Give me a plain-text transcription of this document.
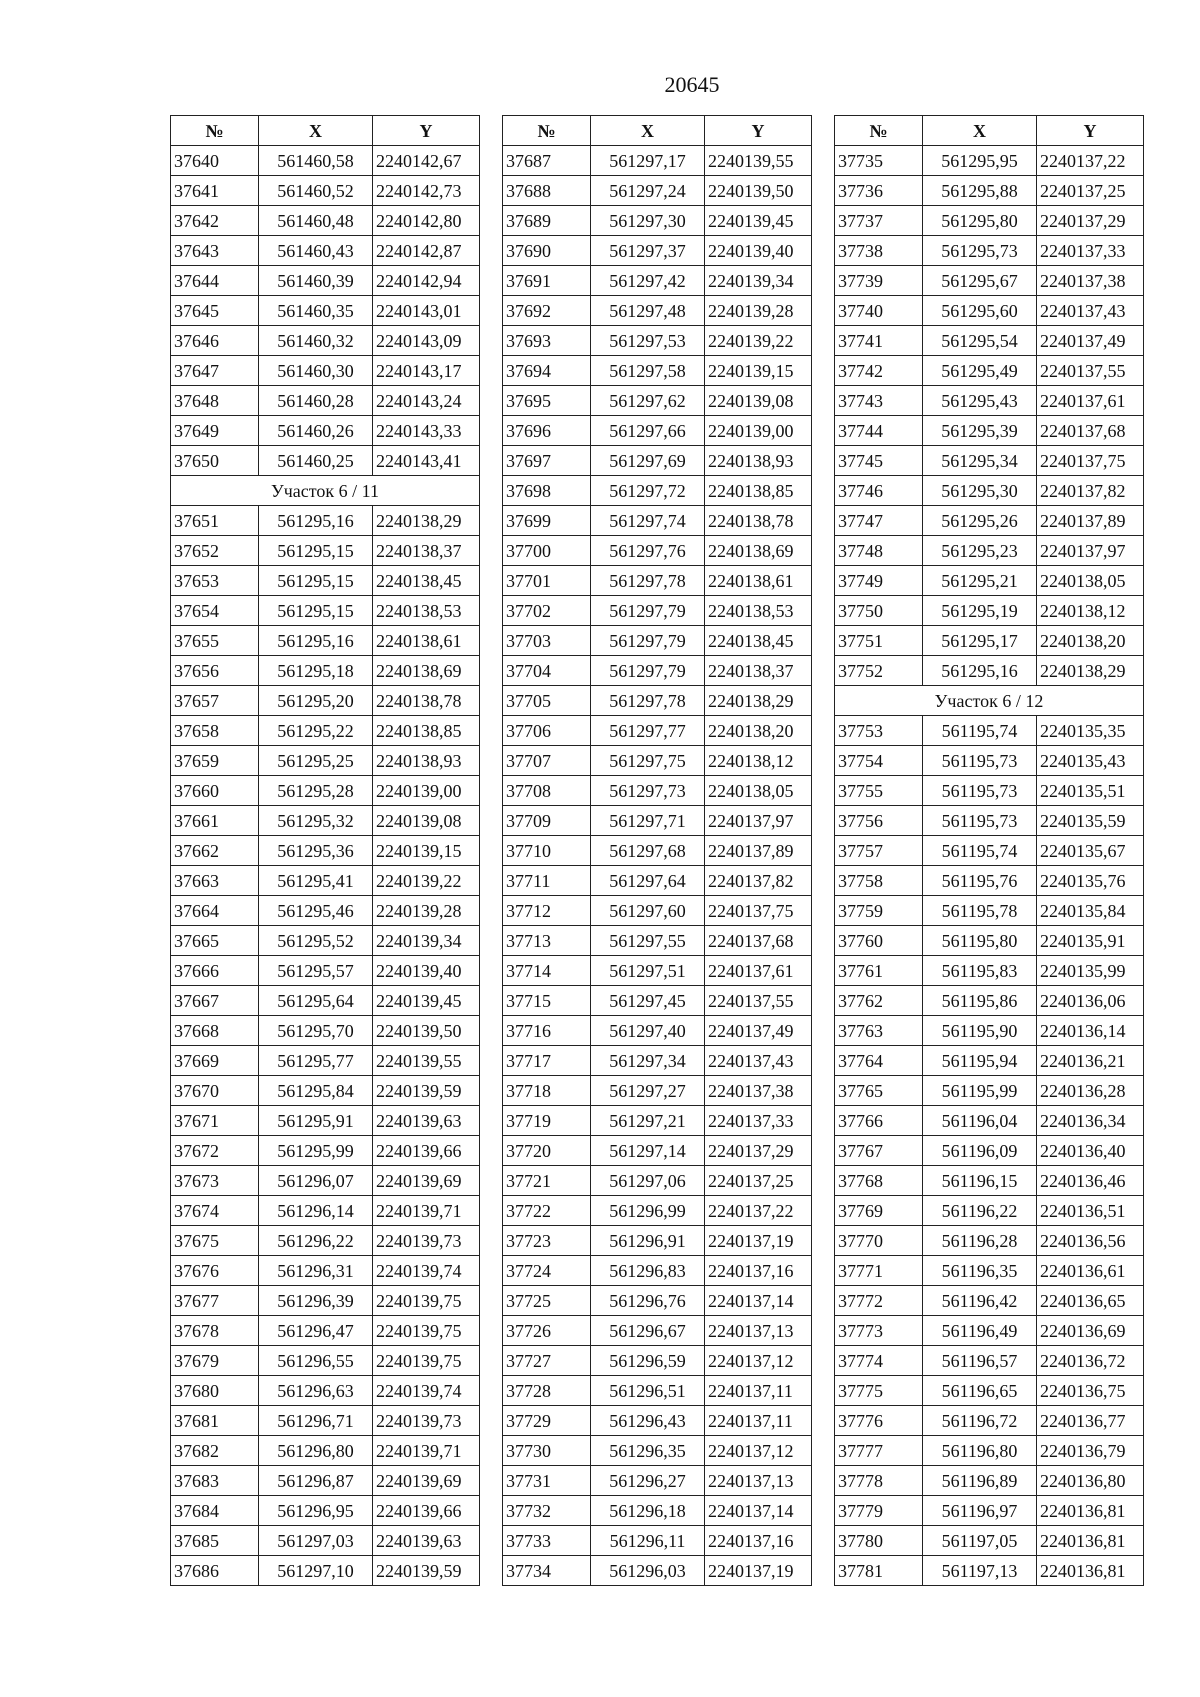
20645
№	X	Y
37640	561460,58	2240142,67
37641	561460,52	2240142,73
37642	561460,48	2240142,80
37643	561460,43	2240142,87
37644	561460,39	2240142,94
37645	561460,35	2240143,01
37646	561460,32	2240143,09
37647	561460,30	2240143,17
37648	561460,28	2240143,24
37649	561460,26	2240143,33
37650	561460,25	2240143,41
Участок 6 / 11		
37651	561295,16	2240138,29
37652	561295,15	2240138,37
37653	561295,15	2240138,45
37654	561295,15	2240138,53
37655	561295,16	2240138,61
37656	561295,18	2240138,69
37657	561295,20	2240138,78
37658	561295,22	2240138,85
37659	561295,25	2240138,93
37660	561295,28	2240139,00
37661	561295,32	2240139,08
37662	561295,36	2240139,15
37663	561295,41	2240139,22
37664	561295,46	2240139,28
37665	561295,52	2240139,34
37666	561295,57	2240139,40
37667	561295,64	2240139,45
37668	561295,70	2240139,50
37669	561295,77	2240139,55
37670	561295,84	2240139,59
37671	561295,91	2240139,63
37672	561295,99	2240139,66
37673	561296,07	2240139,69
37674	561296,14	2240139,71
37675	561296,22	2240139,73
37676	561296,31	2240139,74
37677	561296,39	2240139,75
37678	561296,47	2240139,75
37679	561296,55	2240139,75
37680	561296,63	2240139,74
37681	561296,71	2240139,73
37682	561296,80	2240139,71
37683	561296,87	2240139,69
37684	561296,95	2240139,66
37685	561297,03	2240139,63
37686	561297,10	2240139,59
№	X	Y
37687	561297,17	2240139,55
37688	561297,24	2240139,50
37689	561297,30	2240139,45
37690	561297,37	2240139,40
37691	561297,42	2240139,34
37692	561297,48	2240139,28
37693	561297,53	2240139,22
37694	561297,58	2240139,15
37695	561297,62	2240139,08
37696	561297,66	2240139,00
37697	561297,69	2240138,93
37698	561297,72	2240138,85
37699	561297,74	2240138,78
37700	561297,76	2240138,69
37701	561297,78	2240138,61
37702	561297,79	2240138,53
37703	561297,79	2240138,45
37704	561297,79	2240138,37
37705	561297,78	2240138,29
37706	561297,77	2240138,20
37707	561297,75	2240138,12
37708	561297,73	2240138,05
37709	561297,71	2240137,97
37710	561297,68	2240137,89
37711	561297,64	2240137,82
37712	561297,60	2240137,75
37713	561297,55	2240137,68
37714	561297,51	2240137,61
37715	561297,45	2240137,55
37716	561297,40	2240137,49
37717	561297,34	2240137,43
37718	561297,27	2240137,38
37719	561297,21	2240137,33
37720	561297,14	2240137,29
37721	561297,06	2240137,25
37722	561296,99	2240137,22
37723	561296,91	2240137,19
37724	561296,83	2240137,16
37725	561296,76	2240137,14
37726	561296,67	2240137,13
37727	561296,59	2240137,12
37728	561296,51	2240137,11
37729	561296,43	2240137,11
37730	561296,35	2240137,12
37731	561296,27	2240137,13
37732	561296,18	2240137,14
37733	561296,11	2240137,16
37734	561296,03	2240137,19
№	X	Y
37735	561295,95	2240137,22
37736	561295,88	2240137,25
37737	561295,80	2240137,29
37738	561295,73	2240137,33
37739	561295,67	2240137,38
37740	561295,60	2240137,43
37741	561295,54	2240137,49
37742	561295,49	2240137,55
37743	561295,43	2240137,61
37744	561295,39	2240137,68
37745	561295,34	2240137,75
37746	561295,30	2240137,82
37747	561295,26	2240137,89
37748	561295,23	2240137,97
37749	561295,21	2240138,05
37750	561295,19	2240138,12
37751	561295,17	2240138,20
37752	561295,16	2240138,29
Участок 6 / 12		
37753	561195,74	2240135,35
37754	561195,73	2240135,43
37755	561195,73	2240135,51
37756	561195,73	2240135,59
37757	561195,74	2240135,67
37758	561195,76	2240135,76
37759	561195,78	2240135,84
37760	561195,80	2240135,91
37761	561195,83	2240135,99
37762	561195,86	2240136,06
37763	561195,90	2240136,14
37764	561195,94	2240136,21
37765	561195,99	2240136,28
37766	561196,04	2240136,34
37767	561196,09	2240136,40
37768	561196,15	2240136,46
37769	561196,22	2240136,51
37770	561196,28	2240136,56
37771	561196,35	2240136,61
37772	561196,42	2240136,65
37773	561196,49	2240136,69
37774	561196,57	2240136,72
37775	561196,65	2240136,75
37776	561196,72	2240136,77
37777	561196,80	2240136,79
37778	561196,89	2240136,80
37779	561196,97	2240136,81
37780	561197,05	2240136,81
37781	561197,13	2240136,81
